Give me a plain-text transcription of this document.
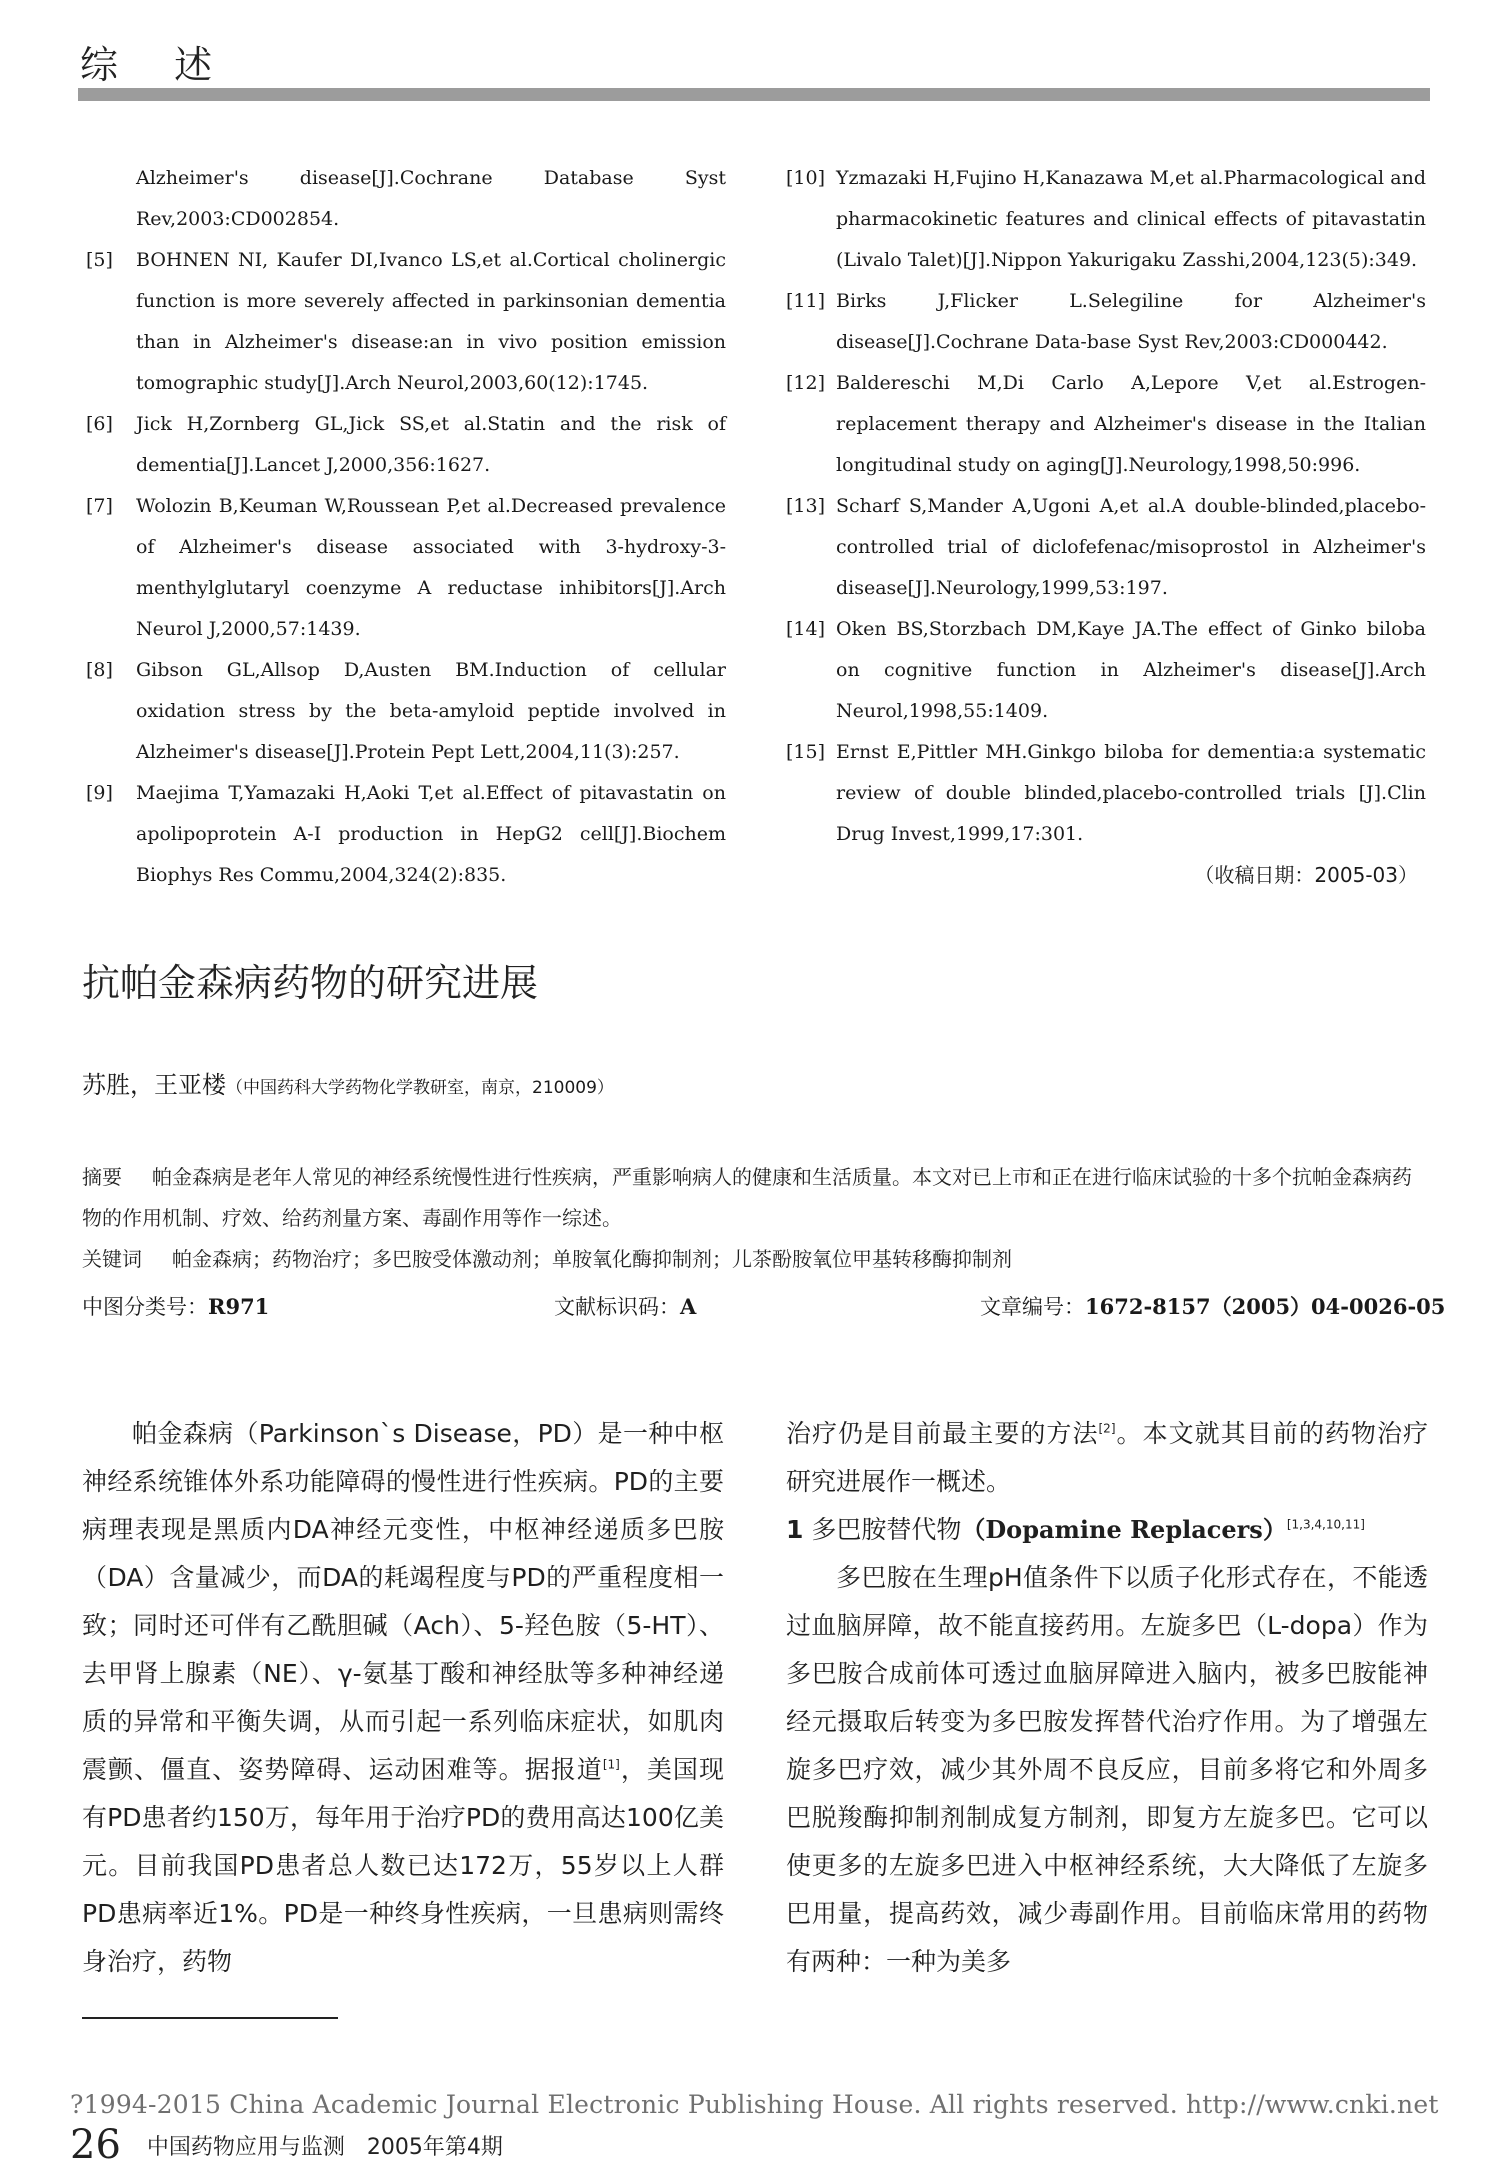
综 述
Alzheimer's disease[J].Cochrane Database Syst Rev,2003:CD002854.
[5] BOHNEN NI, Kaufer DI,Ivanco LS,et al.Cortical cholinergic function is more severely affected in parkinsonian dementia than in Alzheimer's disease:an in vivo position emission tomographic study[J].Arch Neurol,2003,60(12):1745.
[6] Jick H,Zornberg GL,Jick SS,et al.Statin and the risk of dementia[J].Lancet J,2000,356:1627.
[7] Wolozin B,Keuman W,Roussean P,et al.Decreased prevalence of Alzheimer's disease associated with 3-hydroxy-3-menthylglutaryl coenzyme A reductase inhibitors[J].Arch Neurol J,2000,57:1439.
[8] Gibson GL,Allsop D,Austen BM.Induction of cellular oxidation stress by the beta-amyloid peptide involved in Alzheimer's disease[J].Protein Pept Lett,2004,11(3):257.
[9] Maejima T,Yamazaki H,Aoki T,et al.Effect of pitavastatin on apolipoprotein A-I production in HepG2 cell[J].Biochem Biophys Res Commu,2004,324(2):835.
[10] Yzmazaki H,Fujino H,Kanazawa M,et al.Pharmacological and pharmacokinetic features and clinical effects of pitavastatin (Livalo Talet)[J].Nippon Yakurigaku Zasshi,2004,123(5):349.
[11] Birks J,Flicker L.Selegiline for Alzheimer's disease[J].Cochrane Data-base Syst Rev,2003:CD000442.
[12] Baldereschi M,Di Carlo A,Lepore V,et al.Estrogen-replacement therapy and Alzheimer's disease in the Italian longitudinal study on aging[J].Neurology,1998,50:996.
[13] Scharf S,Mander A,Ugoni A,et al.A double-blinded,placebo-controlled trial of diclofefenac/misoprostol in Alzheimer's disease[J].Neurology,1999,53:197.
[14] Oken BS,Storzbach DM,Kaye JA.The effect of Ginko biloba on cognitive function in Alzheimer's disease[J].Arch Neurol,1998,55:1409.
[15] Ernst E,Pittler MH.Ginkgo biloba for dementia:a systematic review of double blinded,placebo-controlled trials [J].Clin Drug Invest,1999,17:301.
（收稿日期：2005-03）
抗帕金森病药物的研究进展
苏胜，王亚楼（中国药科大学药物化学教研室，南京，210009）
摘要 帕金森病是老年人常见的神经系统慢性进行性疾病，严重影响病人的健康和生活质量。本文对已上市和正在进行临床试验的十多个抗帕金森病药物的作用机制、疗效、给药剂量方案、毒副作用等作一综述。
关键词 帕金森病；药物治疗；多巴胺受体激动剂；单胺氧化酶抑制剂；儿茶酚胺氧位甲基转移酶抑制剂
中图分类号：R971	文献标识码：A	文章编号：1672-8157（2005）04-0026-05

帕金森病（Parkinson`s Disease，PD）是一种中枢神经系统锥体外系功能障碍的慢性进行性疾病。PD的主要病理表现是黑质内DA神经元变性，中枢神经递质多巴胺（DA）含量减少，而DA的耗竭程度与PD的严重程度相一致；同时还可伴有乙酰胆碱（Ach）、5-羟色胺（5-HT）、去甲肾上腺素（NE）、γ-氨基丁酸和神经肽等多种神经递质的异常和平衡失调，从而引起一系列临床症状，如肌肉震颤、僵直、姿势障碍、运动困难等。据报道[1]，美国现有PD患者约150万，每年用于治疗PD的费用高达100亿美元。目前我国PD患者总人数已达172万，55岁以上人群PD患病率近1%。PD是一种终身性疾病，一旦患病则需终身治疗，药物

治疗仍是目前最主要的方法[2]。本文就其目前的药物治疗研究进展作一概述。

1 多巴胺替代物（Dopamine Replacers）[1,3,4,10,11]

多巴胺在生理pH值条件下以质子化形式存在，不能透过血脑屏障，故不能直接药用。左旋多巴（L-dopa）作为多巴胺合成前体可透过血脑屏障进入脑内，被多巴胺能神经元摄取后转变为多巴胺发挥替代治疗作用。为了增强左旋多巴疗效，减少其外周不良反应，目前多将它和外周多巴脱羧酶抑制剂制成复方制剂，即复方左旋多巴。它可以使更多的左旋多巴进入中枢神经系统，大大降低了左旋多巴用量，提高药效，减少毒副作用。目前临床常用的药物有两种：一种为美多

?1994-2015 China Academic Journal Electronic Publishing House. All rights reserved. http://www.cnki.net
26 中国药物应用与监测　2005年第4期
